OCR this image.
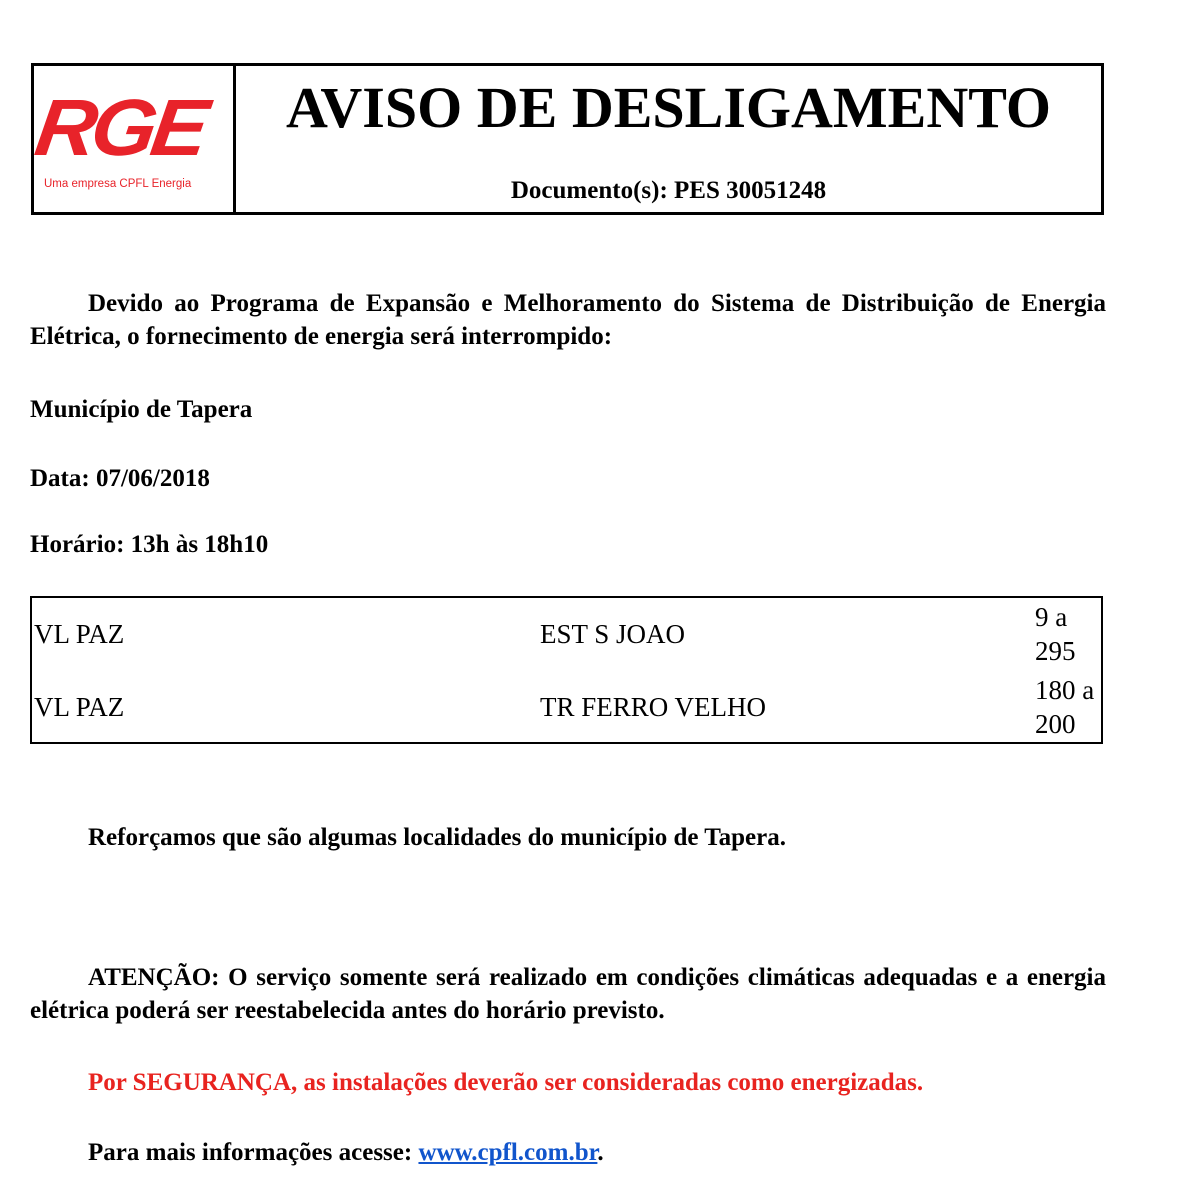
RGE
Uma empresa CPFL Energia
AVISO DE DESLIGAMENTO
Documento(s): PES 30051248
Devido ao Programa de Expansão e Melhoramento do Sistema de Distribuição de Energia Elétrica, o fornecimento de energia será interrompido:
Município de Tapera
Data: 07/06/2018
Horário: 13h às 18h10
VL PAZ	EST S JOAO
9 a 295
VL PAZ	TR FERRO VELHO
180 a 200
Reforçamos que são algumas localidades do município de Tapera.
ATENÇÃO: O serviço somente será realizado em condições climáticas adequadas e a energia elétrica poderá ser reestabelecida antes do horário previsto.
Por SEGURANÇA, as instalações deverão ser consideradas como energizadas.
Para mais informações acesse: www.cpfl.com.br.
